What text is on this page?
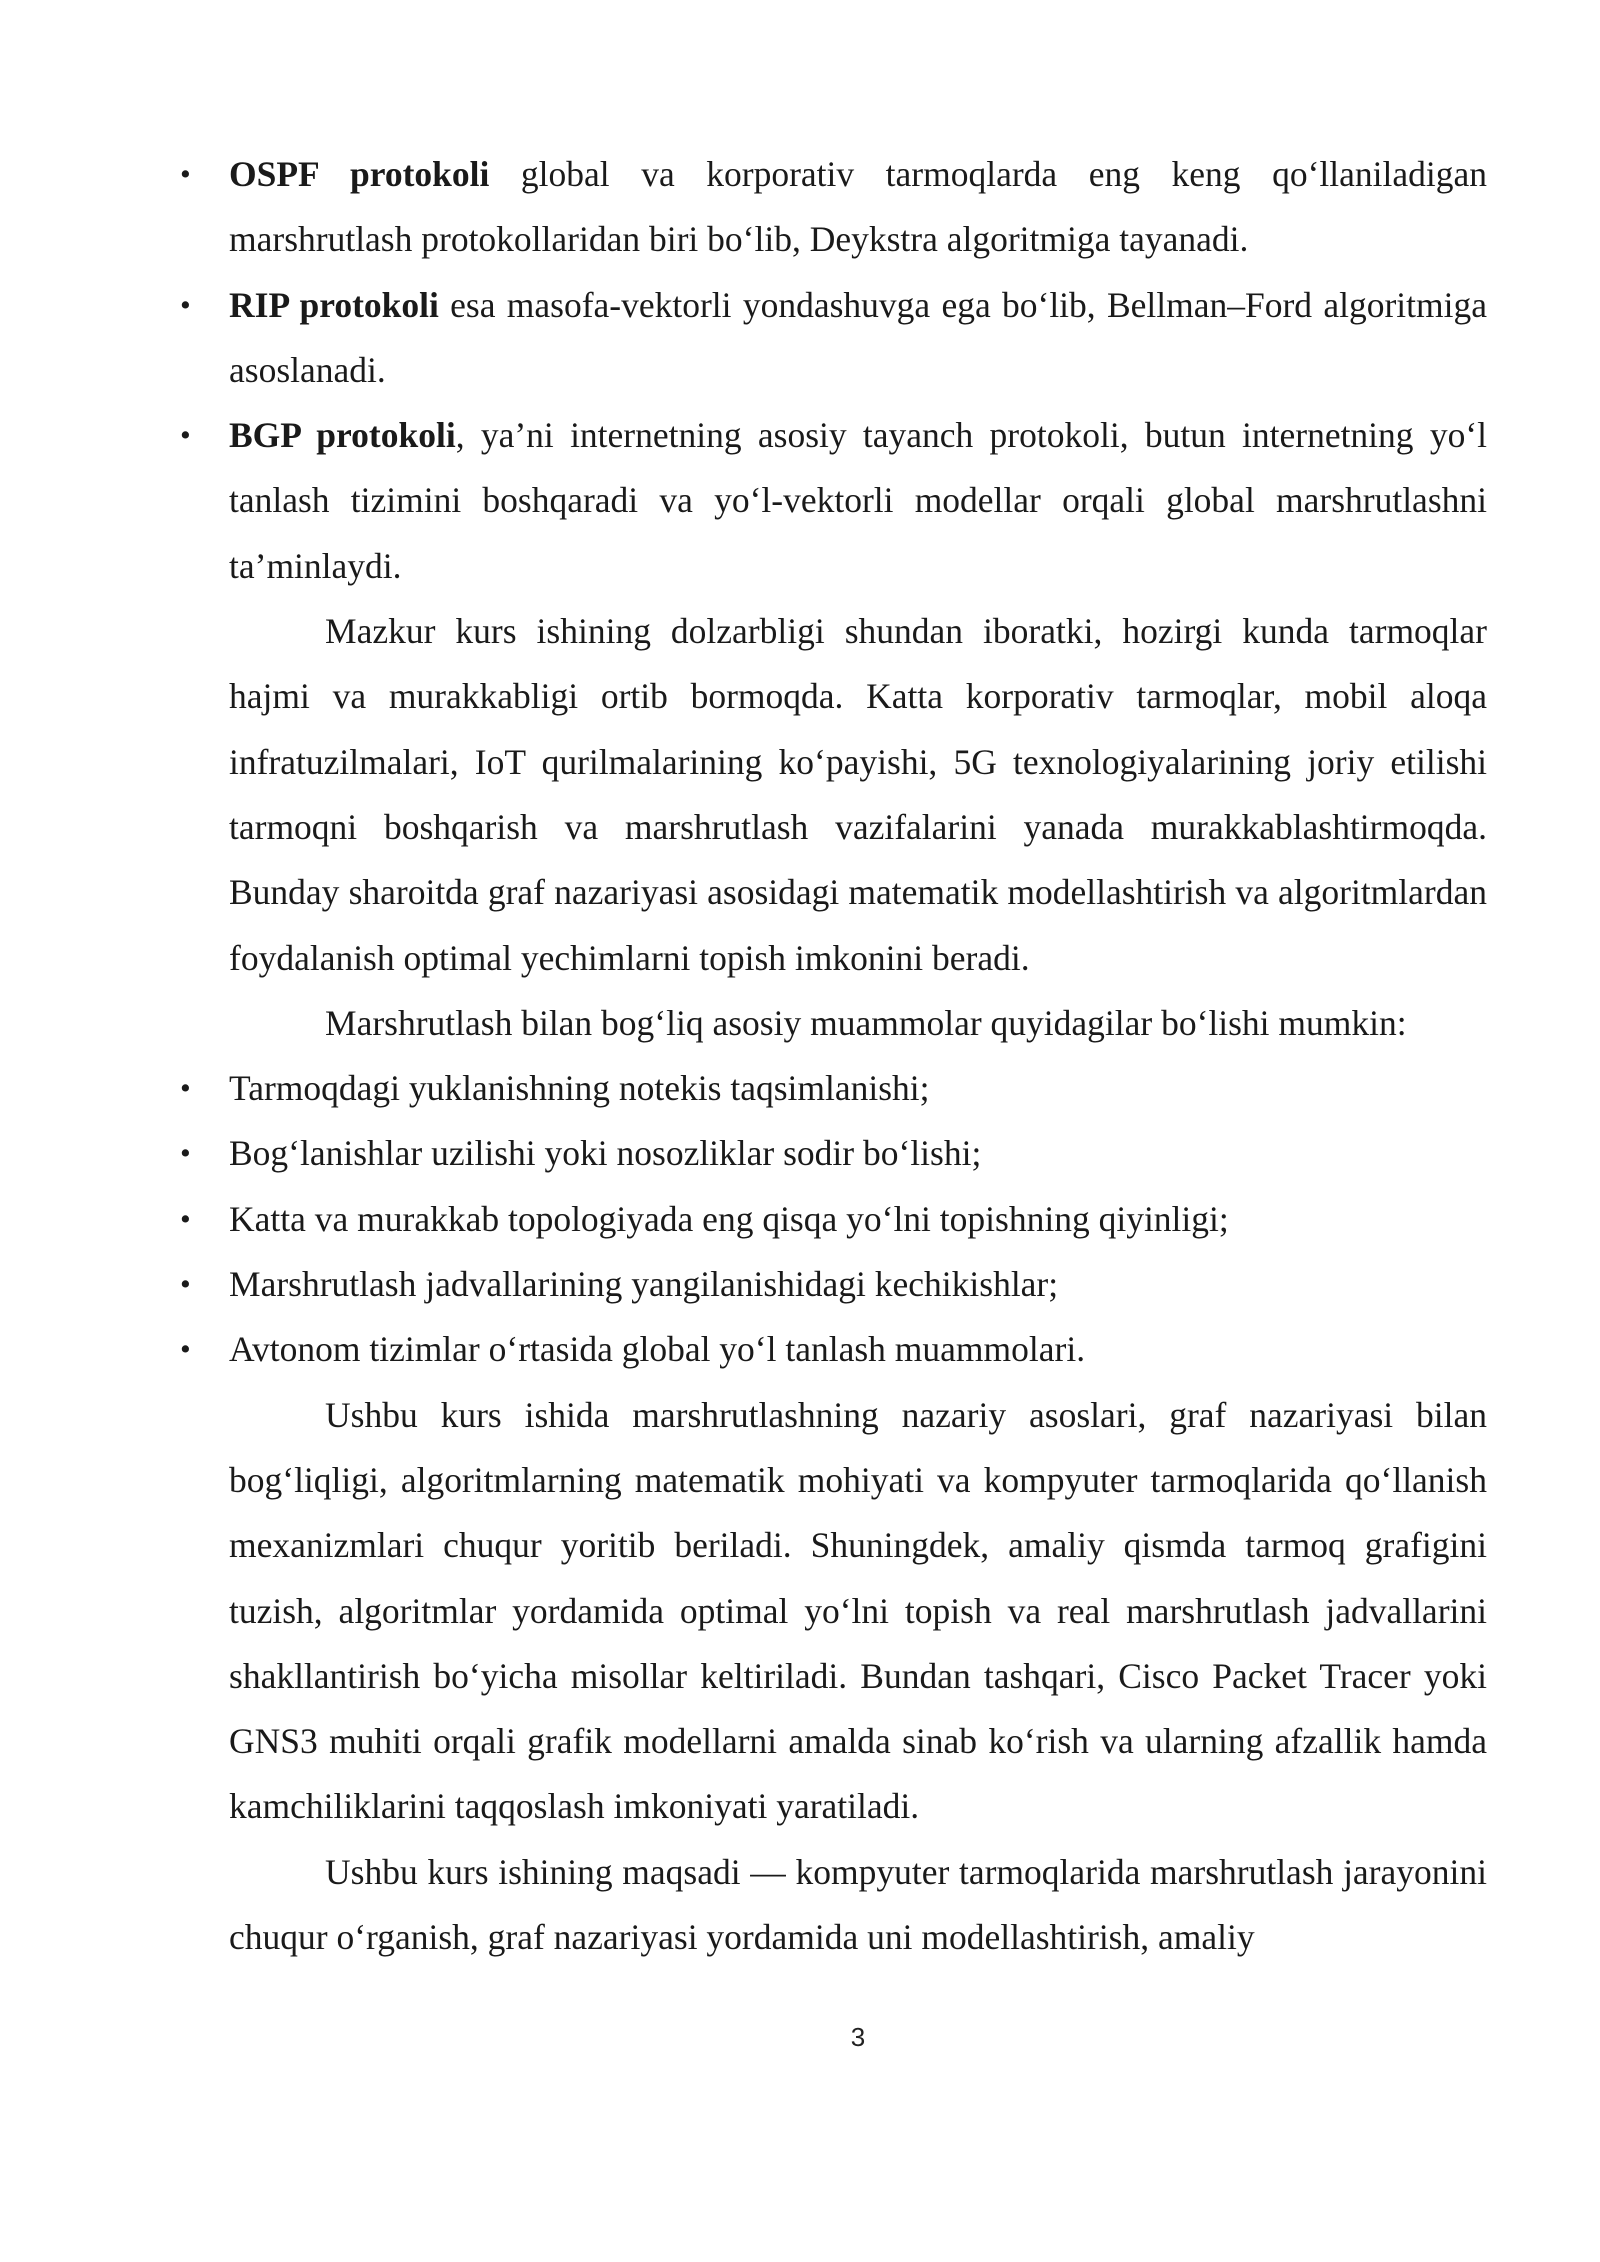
• OSPF protokoli global va korporativ tarmoqlarda eng keng qo‘llaniladigan marshrutlash protokollaridan biri bo‘lib, Deykstra algoritmiga tayanadi.
• RIP protokoli esa masofa-vektorli yondashuvga ega bo‘lib, Bellman–Ford algoritmiga asoslanadi.
• BGP protokoli, ya’ni internetning asosiy tayanch protokoli, butun internetning yo‘l tanlash tizimini boshqaradi va yo‘l-vektorli modellar orqali global marshrutlashni ta’minlaydi.

Mazkur kurs ishining dolzarbligi shundan iboratki, hozirgi kunda tarmoqlar hajmi va murakkabligi ortib bormoqda. Katta korporativ tarmoqlar, mobil aloqa infratuzilmalari, IoT qurilmalarining ko‘payishi, 5G texnologiyalarining joriy etilishi tarmoqni boshqarish va marshrutlash vazifalarini yanada murakkablashtirmoqda. Bunday sharoitda graf nazariyasi asosidagi matematik modellashtirish va algoritmlardan foydalanish optimal yechimlarni topish imkonini beradi.

Marshrutlash bilan bog‘liq asosiy muammolar quyidagilar bo‘lishi mumkin:

• Tarmoqdagi yuklanishning notekis taqsimlanishi;
• Bog‘lanishlar uzilishi yoki nosozliklar sodir bo‘lishi;
• Katta va murakkab topologiyada eng qisqa yo‘lni topishning qiyinligi;
• Marshrutlash jadvallarining yangilanishidagi kechikishlar;
• Avtonom tizimlar o‘rtasida global yo‘l tanlash muammolari.

Ushbu kurs ishida marshrutlashning nazariy asoslari, graf nazariyasi bilan bog‘liqligi, algoritmlarning matematik mohiyati va kompyuter tarmoqlarida qo‘llanish mexanizmlari chuqur yoritib beriladi. Shuningdek, amaliy qismda tarmoq grafigini tuzish, algoritmlar yordamida optimal yo‘lni topish va real marshrutlash jadvallarini shakllantirish bo‘yicha misollar keltiriladi. Bundan tashqari, Cisco Packet Tracer yoki GNS3 muhiti orqali grafik modellarni amalda sinab ko‘rish va ularning afzallik hamda kamchiliklarini taqqoslash imkoniyati yaratiladi.

Ushbu kurs ishining maqsadi — kompyuter tarmoqlarida marshrutlash jarayonini chuqur o‘rganish, graf nazariyasi yordamida uni modellashtirish, amaliy

3
